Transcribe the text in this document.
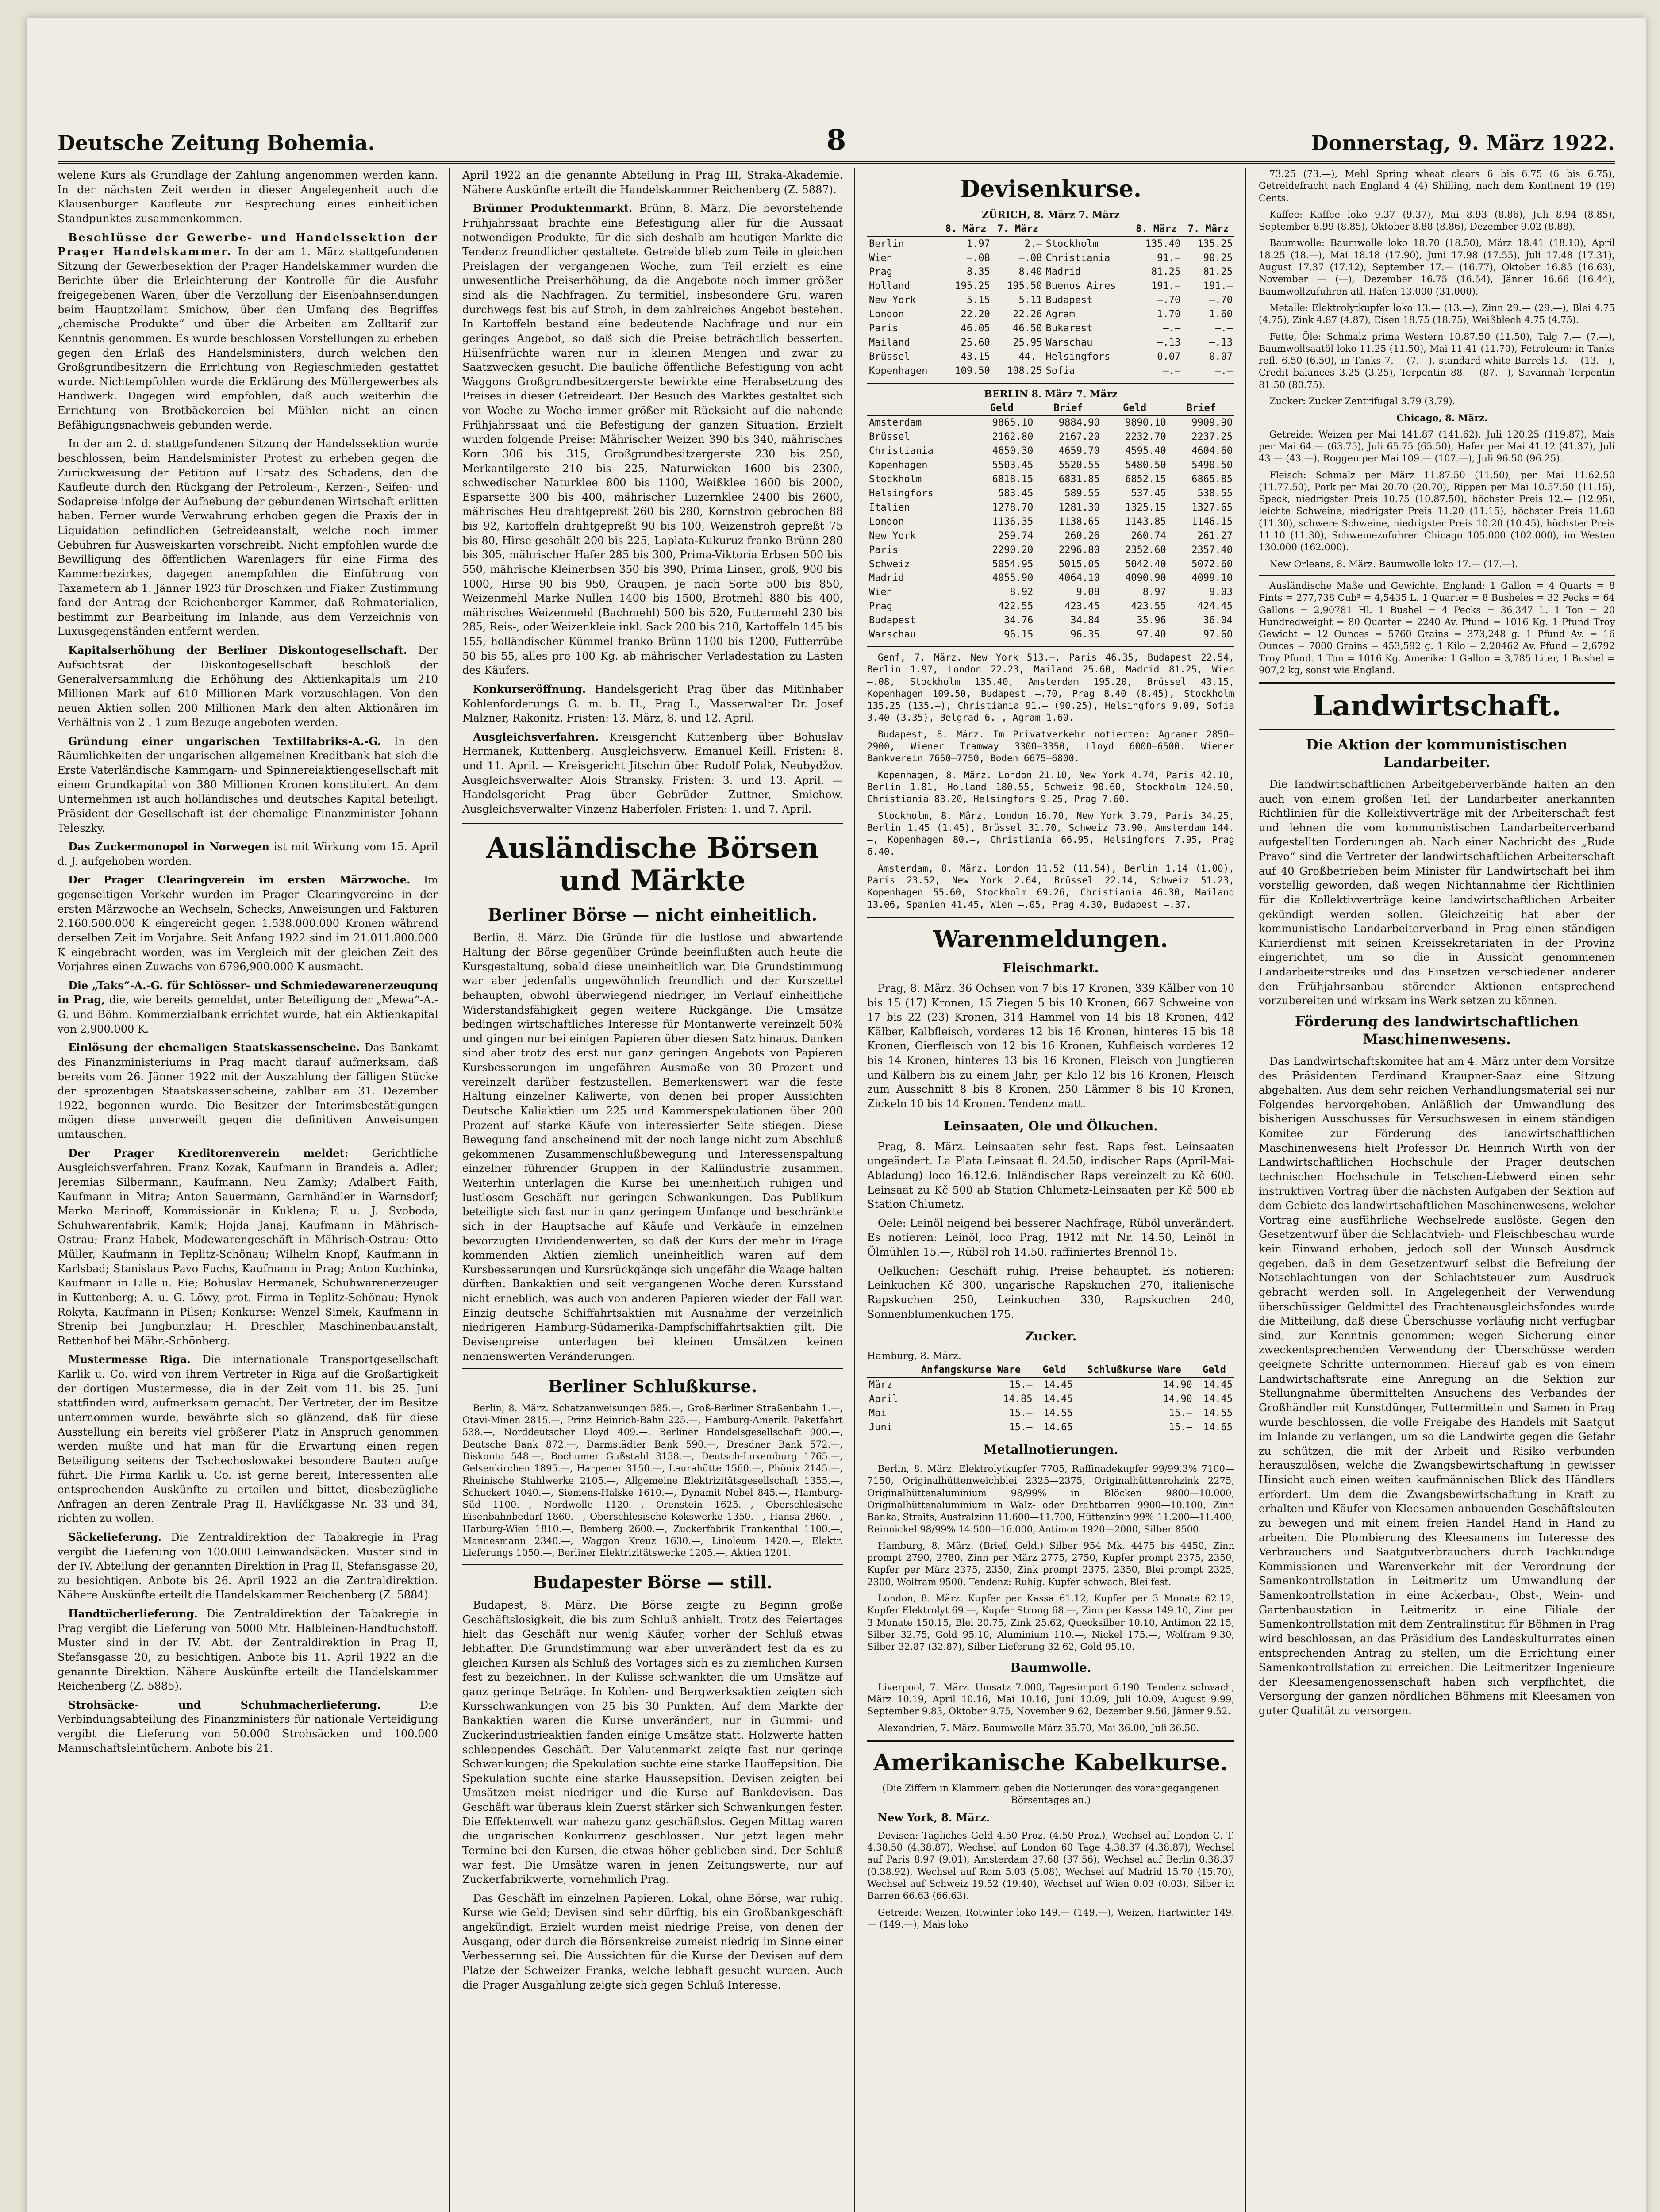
Deutsche Zeitung Bohemia.	8	Donnerstag, 9. März 1922.

welene Kurs als Grundlage der Zahlung angenommen werden kann. In der nächsten Zeit werden in dieser Angelegenheit auch die Klausenburger Kaufleute zur Besprechung eines einheitlichen Standpunktes zusammenkommen.

Beschlüsse der Gewerbe- und Handelssektion der Prager Handelskammer. In der am 1. März stattgefundenen Sitzung der Gewerbesektion der Prager Handelskammer wurden die Berichte über die Erleichterung der Kontrolle für die Ausfuhr freigegebenen Waren, über die Verzollung der Eisenbahnsendungen beim Hauptzollamt Smichow, über den Umfang des Begriffes „chemische Produkte“ und über die Arbeiten am Zolltarif zur Kenntnis genommen. Es wurde beschlossen Vorstellungen zu erheben gegen den Erlaß des Handelsministers, durch welchen den Großgrundbesitzern die Errichtung von Regieschmieden gestattet wurde. Nichtempfohlen wurde die Erklärung des Müllergewerbes als Handwerk. Dagegen wird empfohlen, daß auch weiterhin die Errichtung von Brotbäckereien bei Mühlen nicht an einen Befähigungsnachweis gebunden werde.

In der am 2. d. stattgefundenen Sitzung der Handelssektion wurde beschlossen, beim Handelsminister Protest zu erheben gegen die Zurückweisung der Petition auf Ersatz des Schadens, den die Kaufleute durch den Rückgang der Petroleum-, Kerzen-, Seifen- und Sodapreise infolge der Aufhebung der gebundenen Wirtschaft erlitten haben. Ferner wurde Verwahrung erhoben gegen die Praxis der in Liquidation befindlichen Getreideanstalt, welche noch immer Gebühren für Ausweiskarten vorschreibt. Nicht empfohlen wurde die Bewilligung des öffentlichen Warenlagers für eine Firma des Kammerbezirkes, dagegen anempfohlen die Einführung von Taxametern ab 1. Jänner 1923 für Droschken und Fiaker. Zustimmung fand der Antrag der Reichenberger Kammer, daß Rohmaterialien, bestimmt zur Bearbeitung im Inlande, aus dem Verzeichnis von Luxusgegenständen entfernt werden.

Kapitalserhöhung der Berliner Diskontogesellschaft. Der Aufsichtsrat der Diskontogesellschaft beschloß der Generalversammlung die Erhöhung des Aktienkapitals um 210 Millionen Mark auf 610 Millionen Mark vorzuschlagen. Von den neuen Aktien sollen 200 Millionen Mark den alten Aktionären im Verhältnis von 2 : 1 zum Bezuge angeboten werden.

Gründung einer ungarischen Textilfabriks-A.-G. In den Räumlichkeiten der ungarischen allgemeinen Kreditbank hat sich die Erste Vaterländische Kammgarn- und Spinnereiaktiengesellschaft mit einem Grundkapital von 380 Millionen Kronen konstituiert. An dem Unternehmen ist auch holländisches und deutsches Kapital beteiligt. Präsident der Gesellschaft ist der ehemalige Finanzminister Johann Teleszky.

Das Zuckermonopol in Norwegen ist mit Wirkung vom 15. April d. J. aufgehoben worden.

Der Prager Clearingverein im ersten Märzwoche. Im gegenseitigen Verkehr wurden im Prager Clearingvereine in der ersten Märzwoche an Wechseln, Schecks, Anweisungen und Fakturen 2.160.500.000 K eingereicht gegen 1.538.000.000 Kronen während derselben Zeit im Vorjahre. Seit Anfang 1922 sind im 21.011.800.000 K eingebracht worden, was im Vergleich mit der gleichen Zeit des Vorjahres einen Zuwachs von 6796,900.000 K ausmacht.

Die „Taks“-A.-G. für Schlösser- und Schmiedewarenerzeugung in Prag, die, wie bereits gemeldet, unter Beteiligung der „Mewa“-A.-G. und Böhm. Kommerzialbank errichtet wurde, hat ein Aktienkapital von 2,900.000 K.

Einlösung der ehemaligen Staatskassenscheine. Das Bankamt des Finanzministeriums in Prag macht darauf aufmerksam, daß bereits vom 26. Jänner 1922 mit der Auszahlung der fälligen Stücke der sprozentigen Staatskassenscheine, zahlbar am 31. Dezember 1922, begonnen wurde. Die Besitzer der Interimsbestätigungen mögen diese unverweilt gegen die definitiven Anweisungen umtauschen.

Der Prager Kreditorenverein meldet: Gerichtliche Ausgleichsverfahren. Franz Kozak, Kaufmann in Brandeis a. Adler; Jeremias Silbermann, Kaufmann, Neu Zamky; Adalbert Faith, Kaufmann in Mitra; Anton Sauermann, Garnhändler in Warnsdorf; Marko Marinoff, Kommissionär in Kuklena; F. u. J. Svoboda, Schuhwarenfabrik, Kamik; Hojda Janaj, Kaufmann in Mährisch-Ostrau; Franz Habek, Modewarengeschäft in Mährisch-Ostrau; Otto Müller, Kaufmann in Teplitz-Schönau; Wilhelm Knopf, Kaufmann in Karlsbad; Stanislaus Pavo Fuchs, Kaufmann in Prag; Anton Kuchinka, Kaufmann in Lille u. Eie; Bohuslav Hermanek, Schuhwarenerzeuger in Kuttenberg; A. u. G. Löwy, prot. Firma in Teplitz-Schönau; Hynek Rokyta, Kaufmann in Pilsen; Konkurse: Wenzel Simek, Kaufmann in Strenip bei Jungbunzlau; H. Dreschler, Maschinenbauanstalt, Rettenhof bei Mähr.-Schönberg.

Mustermesse Riga. Die internationale Transportgesellschaft Karlik u. Co. wird von ihrem Vertreter in Riga auf die Großartigkeit der dortigen Mustermesse, die in der Zeit vom 11. bis 25. Juni stattfinden wird, aufmerksam gemacht. Der Vertreter, der im Besitze unternommen wurde, bewährte sich so glänzend, daß für diese Ausstellung ein bereits viel größerer Platz in Anspruch genommen werden mußte und hat man für die Erwartung einen regen Beteiligung seitens der Tschechoslowakei besondere Bauten aufge führt. Die Firma Karlik u. Co. ist gerne bereit, Interessenten alle entsprechenden Auskünfte zu erteilen und bittet, diesbezügliche Anfragen an deren Zentrale Prag II, Havlíčkgasse Nr. 33 und 34, richten zu wollen.

Säckelieferung. Die Zentraldirektion der Tabakregie in Prag vergibt die Lieferung von 100.000 Leinwandsäcken. Muster sind in der IV. Abteilung der genannten Direktion in Prag II, Stefansgasse 20, zu besichtigen. Anbote bis 26. April 1922 an die Zentraldirektion. Nähere Auskünfte erteilt die Handelskammer Reichenberg (Z. 5884).

Handtücherlieferung. Die Zentraldirektion der Tabakregie in Prag vergibt die Lieferung von 5000 Mtr. Halbleinen-Handtuchstoff. Muster sind in der IV. Abt. der Zentraldirektion in Prag II, Stefansgasse 20, zu besichtigen. Anbote bis 11. April 1922 an die genannte Direktion. Nähere Auskünfte erteilt die Handelskammer Reichenberg (Z. 5885).

Strohsäcke- und Schuhmacherlieferung.	Die Verbindungsabteilung des Finanzministers für nationale Verteidigung vergibt die Lieferung von 50.000 Strohsäcken und 100.000 Mannschaftsleintüchern. Anbote bis 21.

April 1922 an die genannte Abteilung in Prag III, Straka-Akademie. Nähere Auskünfte erteilt die Handelskammer Reichenberg (Z. 5887).

Brünner Produktenmarkt. Brünn, 8. März. Die bevorstehende Frühjahrssaat brachte eine Befestigung aller für die Aussaat notwendigen Produkte, für die sich deshalb am heutigen Markte die Tendenz freundlicher gestaltete. Getreide blieb zum Teile in gleichen Preislagen der vergangenen Woche, zum Teil erzielt es eine unwesentliche Preiserhöhung, da die Angebote noch immer größer sind als die Nachfragen. Zu termitiel, insbesondere Gru, waren durchwegs fest bis auf Stroh, in dem zahlreiches Angebot bestehen. In Kartoffeln bestand eine bedeutende Nachfrage und nur ein geringes Angebot, so daß sich die Preise beträchtlich besserten. Hülsenfrüchte waren nur in kleinen Mengen und zwar zu Saatzwecken gesucht. Die bauliche öffentliche Befestigung von acht Waggons Großgrundbesitzergerste bewirkte eine Herabsetzung des Preises in dieser Getreideart. Der Besuch des Marktes gestaltet sich von Woche zu Woche immer größer mit Rücksicht auf die nahende Frühjahrssaat und die Befestigung der ganzen Situation. Erzielt wurden folgende Preise: Mährischer Weizen 390 bis 340, mährisches Korn 306 bis 315, Großgrundbesitzergerste 230 bis 250, Merkantilgerste 210 bis 225, Naturwicken 1600 bis 2300, schwedischer Naturklee 800 bis 1100, Weißklee 1600 bis 2000, Esparsette 300 bis 400, mährischer Luzernklee 2400 bis 2600, mährisches Heu drahtgepreßt 260 bis 280, Kornstroh gebrochen 88 bis 92, Kartoffeln drahtgepreßt 90 bis 100, Weizenstroh gepreßt 75 bis 80, Hirse geschält 200 bis 225, Laplata-Kukuruz franko Brünn 280 bis 305, mährischer Hafer 285 bis 300, Prima-Viktoria Erbsen 500 bis 550, mährische Kleinerbsen 350 bis 390, Prima Linsen, groß, 900 bis 1000, Hirse 90 bis 950, Graupen, je nach Sorte 500 bis 850, Weizenmehl Marke Nullen 1400 bis 1500, Brotmehl 880 bis 400, mährisches Weizenmehl (Bachmehl) 500 bis 520, Futtermehl 230 bis 285, Reis-, oder Weizenkleie inkl. Sack 200 bis 210, Kartoffeln 145 bis 155, holländischer Kümmel franko Brünn 1100 bis 1200, Futterrübe 50 bis 55, alles pro 100 Kg. ab mährischer Verladestation zu Lasten des Käufers.

Konkurseröffnung. Handelsgericht Prag über das Mitinhaber Kohlenforderungs G. m. b. H., Prag I., Masserwalter Dr. Josef Malzner, Rakonitz. Fristen: 13. März, 8. und 12. April.

Ausgleichsverfahren. Kreisgericht Kuttenberg über Bohuslav Hermanek, Kuttenberg. Ausgleichsverw. Emanuel Keill. Fristen: 8. und 11. April. — Kreisgericht Jitschin über Rudolf Polak, Neubydžov. Ausgleichsverwalter Alois Stransky. Fristen: 3. und 13. April. — Handelsgericht Prag über Gebrüder Zuttner, Smichow. Ausgleichsverwalter Vinzenz Haberfoler. Fristen: 1. und 7. April.

Ausländische Börsen und Märkte
Berliner Börse — nicht einheitlich.

Berlin, 8. März. Die Gründe für die lustlose und abwartende Haltung der Börse gegenüber Gründe beeinflußten auch heute die Kursgestaltung, sobald diese uneinheitlich war. Die Grundstimmung war aber jedenfalls ungewöhnlich freundlich und der Kurszettel behaupten, obwohl überwiegend niedriger, im Verlauf einheitliche Widerstandsfähigkeit gegen weitere Rückgänge. Die Umsätze bedingen wirtschaftliches Interesse für Montanwerte vereinzelt 50% und gingen nur bei einigen Papieren über diesen Satz hinaus. Danken sind aber trotz des erst nur ganz geringen Angebots von Papieren Kursbesserungen im ungefähren Ausmaße von 30 Prozent und vereinzelt darüber festzustellen. Bemerkenswert war die feste Haltung einzelner Kaliwerte, von denen bei proper Aussichten Deutsche Kaliaktien um 225 und Kammerspekulationen über 200 Prozent auf starke Käufe von interessierter Seite stiegen. Diese Bewegung fand anscheinend mit der noch lange nicht zum Abschluß gekommenen Zusammenschlußbewegung und Interessenspaltung einzelner führender Gruppen in der Kaliindustrie zusammen. Weiterhin unterlagen die Kurse bei uneinheitlich ruhigen und lustlosem Geschäft nur geringen Schwankungen. Das Publikum beteiligte sich fast nur in ganz geringem Umfange und beschränkte sich in der Hauptsache auf Käufe und Verkäufe in einzelnen bevorzugten Dividendenwerten, so daß der Kurs der mehr in Frage kommenden Aktien ziemlich uneinheitlich waren auf dem Kursbesserungen und Kursrückgänge sich ungefähr die Waage halten dürften. Bankaktien und seit vergangenen Woche deren Kursstand nicht erheblich, was auch von anderen Papieren wieder der Fall war. Einzig deutsche Schiffahrtsaktien mit Ausnahme der verzeinlich niedrigeren Hamburg-Südamerika-Dampfschiffahrtsaktien gilt. Die Devisenpreise unterlagen bei kleinen Umsätzen keinen nennenswerten Veränderungen.

Berliner Schlußkurse.

Berlin, 8. März. Schatzanweisungen 585.—, Groß-Berliner Straßenbahn 1.—, Otavi-Minen 2815.—, Prinz Heinrich-Bahn 225.—, Hamburg-Amerik. Paketfahrt 538.—, Norddeutscher Lloyd 409.—, Berliner Handelsgesellschaft 900.—, Deutsche Bank 872.—, Darmstädter Bank 590.—, Dresdner Bank 572.—, Diskonto 548.—, Bochumer Gußstahl 3158.—, Deutsch-Luxemburg 1765.—, Gelsenkirchen 1895.—, Harpener 3150.—, Laurahütte 1560.—, Phönix 2145.—, Rheinische Stahlwerke 2105.—, Allgemeine Elektrizitätsgesellschaft 1355.—, Schuckert 1040.—, Siemens-Halske 1610.—, Dynamit Nobel 845.—, Hamburg-Süd 1100.—, Nordwolle 1120.—, Orenstein 1625.—, Oberschlesische Eisenbahnbedarf 1860.—, Oberschlesische Kokswerke 1350.—, Hansa 2860.—, Harburg-Wien 1810.—, Bemberg 2600.—, Zuckerfabrik Frankenthal 1100.—, Mannesmann 2340.—, Waggon Kreuz 1630.—, Linoleum 1420.—, Elektr. Lieferungs 1050.—, Berliner Elektrizitätswerke 1205.—, Aktien 1201.

Budapester Börse — still.

Budapest, 8. März. Die Börse zeigte zu Beginn große Geschäftslosigkeit, die bis zum Schluß anhielt. Trotz des Feiertages hielt das Geschäft nur wenig Käufer, vorher der Schluß etwas lebhafter. Die Grundstimmung war aber unverändert fest da es zu gleichen Kursen als Schluß des Vortages sich es zu ziemlichen Kursen fest zu bezeichnen. In der Kulisse schwankten die um Umsätze auf ganz geringe Beträge. In Kohlen- und Bergwerksaktien zeigten sich Kursschwankungen von 25 bis 30 Punkten. Auf dem Markte der Bankaktien waren die Kurse unverändert, nur in Gummi- und Zuckerindustrieaktien fanden einige Umsätze statt. Holzwerte hatten schleppendes Geschäft. Der Valutenmarkt zeigte fast nur geringe Schwankungen; die Spekulation suchte eine starke Hauffepsition. Die Spekulation suchte eine starke Haussepsition. Devisen zeigten bei Umsätzen meist niedriger und die Kurse auf Bankdevisen. Das Geschäft war überaus klein Zuerst stärker sich Schwankungen fester. Die Effektenwelt war nahezu ganz geschäftslos. Gegen Mittag waren die ungarischen Konkurrenz geschlossen. Nur jetzt lagen mehr Termine bei den Kursen, die etwas höher geblieben sind. Der Schluß war fest. Die Umsätze waren in jenen Zeitungswerte, nur auf Zuckerfabrikwerte, vornehmlich Prag.

Das Geschäft im einzelnen Papieren. Lokal, ohne Börse, war ruhig. Kurse wie Geld; Devisen sind sehr dürftig, bis ein Großbankgeschäft angekündigt. Erzielt wurden meist niedrige Preise, von denen der Ausgang, oder durch die Börsenkreise zumeist niedrig im Sinne einer Verbesserung sei. Die Aussichten für die Kurse der Devisen auf dem Platze der Schweizer Franks, welche lebhaft gesucht wurden. Auch die Prager Ausgahlung zeigte sich gegen Schluß Interesse.

Devisenkurse.
ZÜRICH, 8. März 7. März
	8. März	7. März		8. März	7. März
Berlin	1.97	2.—	Stockholm	135.40	135.25
Wien	—.08	—.08	Christiania	91.—	90.25
Prag	8.35	8.40	Madrid	81.25	81.25
Holland	195.25	195.50	Buenos Aires	191.—	191.—
New York	5.15	5.11	Budapest	—.70	—.70
London	22.20	22.26	Agram	1.70	1.60
Paris	46.05	46.50	Bukarest	—.—	—.—
Mailand	25.60	25.95	Warschau	—.13	—.13
Brüssel	43.15	44.—	Helsingfors	0.07	0.07
Kopenhagen	109.50	108.25	Sofia	—.—	—.—
BERLIN 8. März 7. März
	Geld	Brief	Geld	Brief
Amsterdam	9865.10	9884.90	9890.10	9909.90
Brüssel	2162.80	2167.20	2232.70	2237.25
Christiania	4650.30	4659.70	4595.40	4604.60
Kopenhagen	5503.45	5520.55	5480.50	5490.50
Stockholm	6818.15	6831.85	6852.15	6865.85
Helsingfors	583.45	589.55	537.45	538.55
Italien	1278.70	1281.30	1325.15	1327.65
London	1136.35	1138.65	1143.85	1146.15
New York	259.74	260.26	260.74	261.27
Paris	2290.20	2296.80	2352.60	2357.40
Schweiz	5054.95	5015.05	5042.40	5072.60
Madrid	4055.90	4064.10	4090.90	4099.10
Wien	8.92	9.08	8.97	9.03
Prag	422.55	423.45	423.55	424.45
Budapest	34.76	34.84	35.96	36.04
Warschau	96.15	96.35	97.40	97.60

Genf, 7. März. New York 513.—, Paris 46.35, Budapest 22.54, Berlin 1.97, London 22.23, Mailand 25.60, Madrid 81.25, Wien —.08, Stockholm 135.40, Amsterdam 195.20, Brüssel 43.15, Kopenhagen 109.50, Budapest —.70, Prag 8.40 (8.45), Stockholm 135.25 (135.—), Christiania 91.— (90.25), Helsingfors 9.09, Sofia 3.40 (3.35), Belgrad 6.—, Agram 1.60.

Budapest, 8. März. Im Privatverkehr notierten: Agramer 2850—2900, Wiener Tramway 3300—3350, Lloyd 6000—6500. Wiener Bankverein 7650—7750, Boden 6675—6800.

Kopenhagen, 8. März. London 21.10, New York 4.74, Paris 42.10, Berlin 1.81, Holland 180.55, Schweiz 90.60, Stockholm 124.50, Christiania 83.20, Helsingfors 9.25, Prag 7.60.

Stockholm, 8. März. London 16.70, New York 3.79, Paris 34.25, Berlin 1.45 (1.45), Brüssel 31.70, Schweiz 73.90, Amsterdam 144.—, Kopenhagen 80.—, Christiania 66.95, Helsingfors 7.95, Prag 6.40.

Amsterdam, 8. März. London 11.52 (11.54), Berlin 1.14 (1.00), Paris 23.52, New York 2.64, Brüssel 22.14, Schweiz 51.23, Kopenhagen 55.60, Stockholm 69.26, Christiania 46.30, Mailand 13.06, Spanien 41.45, Wien —.05, Prag 4.30, Budapest —.37.

Warenmeldungen.
Fleischmarkt.

Prag, 8. März. 36 Ochsen von 7 bis 17 Kronen, 339 Kälber von 10 bis 15 (17) Kronen, 15 Ziegen 5 bis 10 Kronen, 667 Schweine von 17 bis 22 (23) Kronen, 314 Hammel von 14 bis 18 Kronen, 442 Kälber, Kalbfleisch, vorderes 12 bis 16 Kronen, hinteres 15 bis 18 Kronen, Gierfleisch von 12 bis 16 Kronen, Kuhfleisch vorderes 12 bis 14 Kronen, hinteres 13 bis 16 Kronen, Fleisch von Jungtieren und Kälbern bis zu einem Jahr, per Kilo 12 bis 16 Kronen, Fleisch zum Ausschnitt 8 bis 8 Kronen, 250 Lämmer 8 bis 10 Kronen, Zickeln 10 bis 14 Kronen. Tendenz matt.

Leinsaaten, Ole und Ölkuchen.

Prag, 8. März. Leinsaaten sehr fest. Raps fest. Leinsaaten ungeändert. La Plata Leinsaat fl. 24.50, indischer Raps (April-Mai-Abladung) loco 16.12.6. Inländischer Raps vereinzelt zu Kč 600. Leinsaat zu Kč 500 ab Station Chlumetz-Leinsaaten per Kč 500 ab Station Chlumetz.

Oele: Leinöl neigend bei besserer Nachfrage, Rüböl unverändert. Es notieren: Leinöl, loco Prag, 1912 mit Nr. 14.50, Leinöl in Ölmühlen 15.—, Rüböl roh 14.50, raffiniertes Brennöl 15.

Oelkuchen: Geschäft ruhig, Preise behauptet. Es notieren: Leinkuchen Kč 300, ungarische Rapskuchen 270, italienische Rapskuchen 250, Leinkuchen 330, Rapskuchen 240, Sonnenblumenkuchen 175.

Zucker.
Hamburg, 8. März.
	Anfangskurse Ware	Geld	Schlußkurse Ware	Geld
März	15.—	14.45	14.90	14.45
April	14.85	14.45	14.90	14.45
Mai	15.—	14.55	15.—	14.55
Juni	15.—	14.65	15.—	14.65
Metallnotierungen.

Berlin, 8. März. Elektrolytkupfer 7705, Raffinadekupfer 99/99.3% 7100—7150, Originalhüttenweichblei 2325—2375, Originalhüttenrohzink 2275, Originalhüttenaluminium 98/99% in Blöcken 9800—10.000, Originalhüttenaluminium in Walz- oder Drahtbarren 9900—10.100, Zinn Banka, Straits, Australzinn 11.600—11.700, Hüttenzinn 99% 11.200—11.400, Reinnickel 98/99% 14.500—16.000, Antimon 1920—2000, Silber 8500.

Hamburg, 8. März. (Brief, Geld.) Silber 954 Mk. 4475 bis 4450, Zinn prompt 2790, 2780, Zinn per März 2775, 2750, Kupfer prompt 2375, 2350, Kupfer per März 2375, 2350, Zink prompt 2375, 2350, Blei prompt 2325, 2300, Wolfram 9500. Tendenz: Ruhig. Kupfer schwach, Blei fest.

London, 8. März. Kupfer per Kassa 61.12, Kupfer per 3 Monate 62.12, Kupfer Elektrolyt 69.—, Kupfer Strong 68.—, Zinn per Kassa 149.10, Zinn per 3 Monate 150.15, Blei 20.75, Zink 25.62, Quecksilber 10.10, Antimon 22.15, Silber 32.75, Gold 95.10, Aluminium 110.—, Nickel 175.—, Wolfram 9.30, Silber 32.87 (32.87), Silber Lieferung 32.62, Gold 95.10.

Baumwolle.

Liverpool, 7. März. Umsatz 7.000, Tagesimport 6.190. Tendenz schwach, März 10.19, April 10.16, Mai 10.16, Juni 10.09, Juli 10.09, August 9.99, September 9.83, Oktober 9.75, November 9.62, Dezember 9.56, Jänner 9.52.

Alexandrien, 7. März. Baumwolle März 35.70, Mai 36.00, Juli 36.50.

Amerikanische Kabelkurse.

(Die Ziffern in Klammern geben die Notierungen des vorangegangenen Börsentages an.)

New York, 8. März.

Devisen: Tägliches Geld 4.50 Proz. (4.50 Proz.), Wechsel auf London C. T. 4.38.50 (4.38.87), Wechsel auf London 60 Tage 4.38.37 (4.38.87), Wechsel auf Paris 8.97 (9.01), Amsterdam 37.68 (37.56), Wechsel auf Berlin 0.38.37 (0.38.92), Wechsel auf Rom 5.03 (5.08), Wechsel auf Madrid 15.70 (15.70), Wechsel auf Schweiz 19.52 (19.40), Wechsel auf Wien 0.03 (0.03), Silber in Barren 66.63 (66.63).

Getreide: Weizen, Rotwinter loko 149.— (149.—), Weizen, Hartwinter 149.— (149.—), Mais loko

73.25 (73.—), Mehl Spring wheat clears 6 bis 6.75 (6 bis 6.75), Getreidefracht nach England 4 (4) Shilling, nach dem Kontinent 19 (19) Cents.

Kaffee: Kaffee loko 9.37 (9.37), Mai 8.93 (8.86), Juli 8.94 (8.85), September 8.99 (8.85), Oktober 8.88 (8.86), Dezember 9.02 (8.88).

Baumwolle: Baumwolle loko 18.70 (18.50), März 18.41 (18.10), April 18.25 (18.—), Mai 18.18 (17.90), Juni 17.98 (17.55), Juli 17.48 (17.31), August 17.37 (17.12), September 17.— (16.77), Oktober 16.85 (16.63), November — (—), Dezember 16.75 (16.54), Jänner 16.66 (16.44), Baumwollzufuhren atl. Häfen 13.000 (31.000).

Metalle: Elektrolytkupfer loko 13.— (13.—), Zinn 29.— (29.—), Blei 4.75 (4.75), Zink 4.87 (4.87), Eisen 18.75 (18.75), Weißblech 4.75 (4.75).

Fette, Öle: Schmalz prima Western 10.87.50 (11.50), Talg 7.— (7.—), Baumwollsaatöl loko 11.25 (11.50), Mai 11.41 (11.70), Petroleum: in Tanks refl. 6.50 (6.50), in Tanks 7.— (7.—), standard white Barrels 13.— (13.—), Credit balances 3.25 (3.25), Terpentin 88.— (87.—), Savannah Terpentin 81.50 (80.75).

Zucker: Zucker Zentrifugal 3.79 (3.79).

Chicago, 8. März.

Getreide: Weizen per Mai 141.87 (141.62), Juli 120.25 (119.87), Mais per Mai 64.— (63.75), Juli 65.75 (65.50), Hafer per Mai 41.12 (41.37), Juli 43.— (43.—), Roggen per Mai 109.— (107.—), Juli 96.50 (96.25).

Fleisch: Schmalz per März 11.87.50 (11.50), per Mai 11.62.50 (11.77.50), Pork per Mai 20.70 (20.70), Rippen per Mai 10.57.50 (11.15), Speck, niedrigster Preis 10.75 (10.87.50), höchster Preis 12.— (12.95), leichte Schweine, niedrigster Preis 11.20 (11.15), höchster Preis 11.60 (11.30), schwere Schweine, niedrigster Preis 10.20 (10.45), höchster Preis 11.10 (11.30), Schweinezufuhren Chicago 105.000 (102.000), im Westen 130.000 (162.000).

New Orleans, 8. März. Baumwolle loko 17.— (17.—).

Ausländische Maße und Gewichte. England: 1 Gallon = 4 Quarts = 8 Pints = 277,738 Cub³ = 4,5435 L. 1 Quarter = 8 Busheles = 32 Pecks = 64 Gallons = 2,90781 Hl. 1 Bushel = 4 Pecks = 36,347 L. 1 Ton = 20 Hundredweight = 80 Quarter = 2240 Av. Pfund = 1016 Kg. 1 Pfund Troy Gewicht = 12 Ounces = 5760 Grains = 373,248 g. 1 Pfund Av. = 16 Ounces = 7000 Grains = 453,592 g. 1 Kilo = 2,20462 Av. Pfund = 2,6792 Troy Pfund. 1 Ton = 1016 Kg. Amerika: 1 Gallon = 3,785 Liter, 1 Bushel = 907,2 kg, sonst wie England.

Landwirtschaft.
Die Aktion der kommunistischen Landarbeiter.

Die landwirtschaftlichen Arbeitgeberverbände halten an den auch von einem großen Teil der Landarbeiter anerkannten Richtlinien für die Kollektivverträge mit der Arbeiterschaft fest und lehnen die vom kommunistischen Landarbeiterverband aufgestellten Forderungen ab. Nach einer Nachricht des „Rude Pravo“ sind die Vertreter der landwirtschaftlichen Arbeiterschaft auf 40 Großbetrieben beim Minister für Landwirtschaft bei ihm vorstellig geworden, daß wegen Nichtannahme der Richtlinien für die Kollektivverträge keine landwirtschaftlichen Arbeiter gekündigt werden sollen. Gleichzeitig hat aber der kommunistische Landarbeiterverband in Prag einen ständigen Kurierdienst mit seinen Kreissekretariaten in der Provinz eingerichtet, um so die in Aussicht genommenen Landarbeiterstreiks und das Einsetzen verschiedener anderer den Frühjahrsanbau störender Aktionen entsprechend vorzubereiten und wirksam ins Werk setzen zu können.

Förderung des landwirtschaftlichen Maschinenwesens.

Das Landwirtschaftskomitee hat am 4. März unter dem Vorsitze des Präsidenten Ferdinand Kraupner-Saaz eine Sitzung abgehalten. Aus dem sehr reichen Verhandlungsmaterial sei nur Folgendes hervorgehoben. Anläßlich der Umwandlung des bisherigen Ausschusses für Versuchswesen in einem ständigen Komitee zur Förderung des landwirtschaftlichen Maschinenwesens hielt Professor Dr. Heinrich Wirth von der Landwirtschaftlichen Hochschule der Prager deutschen technischen Hochschule in Tetschen-Liebwerd einen sehr instruktiven Vortrag über die nächsten Aufgaben der Sektion auf dem Gebiete des landwirtschaftlichen Maschinenwesens, welcher Vortrag eine ausführliche Wechselrede auslöste. Gegen den Gesetzentwurf über die Schlachtvieh- und Fleischbeschau wurde kein Einwand erhoben, jedoch soll der Wunsch Ausdruck gegeben, daß in dem Gesetzentwurf selbst die Befreiung der Notschlachtungen von der Schlachtsteuer zum Ausdruck gebracht werden soll. In Angelegenheit der Verwendung überschüssiger Geldmittel des Frachtenausgleichsfondes wurde die Mitteilung, daß diese Überschüsse vorläufig nicht verfügbar sind, zur Kenntnis genommen; wegen Sicherung einer zweckentsprechenden Verwendung der Überschüsse werden geeignete Schritte unternommen. Hierauf gab es von einem Landwirtschaftsrate eine Anregung an die Sektion zur Stellungnahme übermittelten Ansuchens des Verbandes der Großhändler mit Kunstdünger, Futtermitteln und Samen in Prag wurde beschlossen, die volle Freigabe des Handels mit Saatgut im Inlande zu verlangen, um so die Landwirte gegen die Gefahr zu schützen, die mit der Arbeit und Risiko verbunden herauszulösen, welche die Zwangsbewirtschaftung in gewisser Hinsicht auch einen weiten kaufmännischen Blick des Händlers erfordert. Um dem die Zwangsbewirtschaftung in Kraft zu erhalten und Käufer von Kleesamen anbauenden Geschäftsleuten zu bewegen und mit einem freien Handel Hand in Hand zu arbeiten. Die Plombierung des Kleesamens im Interesse des Verbrauchers und Saatgutverbrauchers durch Fachkundige Kommissionen und Warenverkehr mit der Verordnung der Samenkontrollstation in Leitmeritz um Umwandlung der Samenkontrollstation in eine Ackerbau-, Obst-, Wein- und Gartenbaustation in Leitmeritz in eine Filiale der Samenkontrollstation mit dem Zentralinstitut für Böhmen in Prag wird beschlossen, an das Präsidium des Landeskulturrates einen entsprechenden Antrag zu stellen, um die Errichtung einer Samenkontrollstation zu erreichen. Die Leitmeritzer Ingenieure der Kleesamengenossenschaft haben sich verpflichtet, die Versorgung der ganzen nördlichen Böhmens mit Kleesamen von guter Qualität zu versorgen.
